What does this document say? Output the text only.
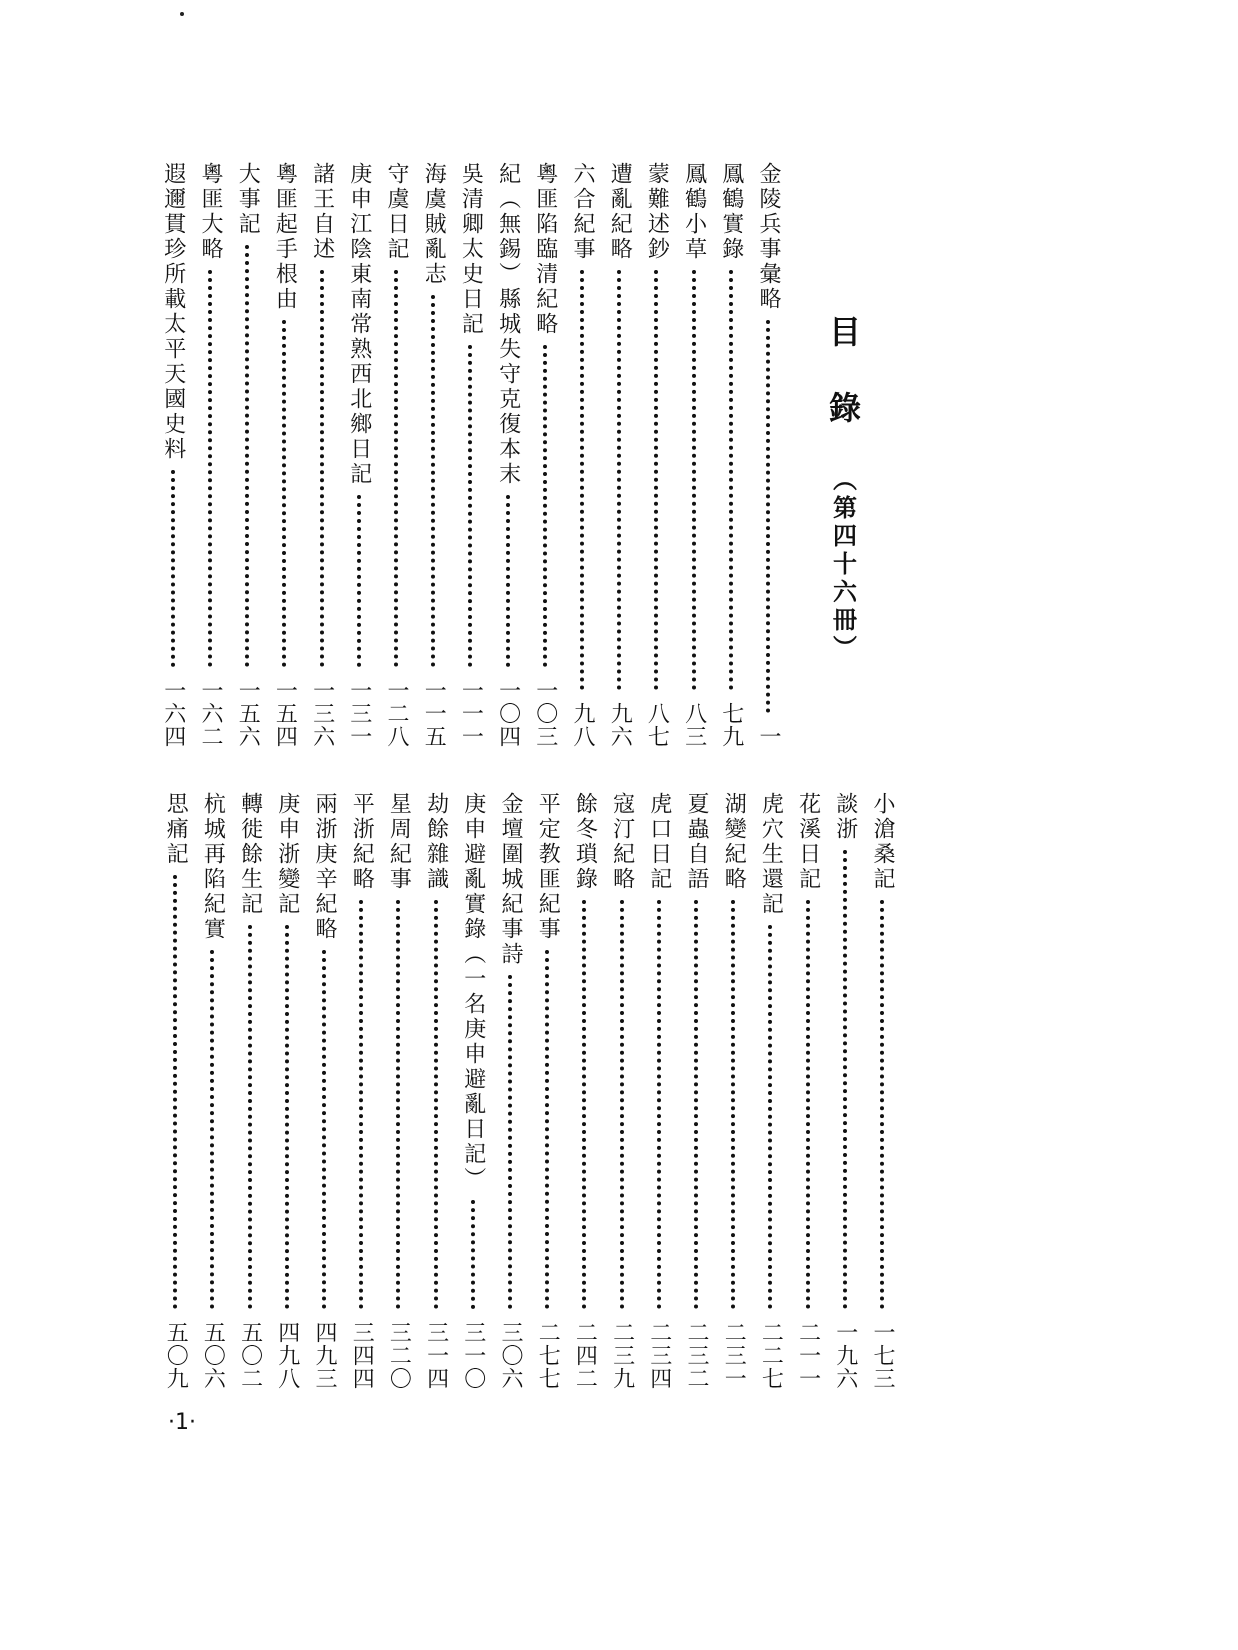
目錄
（第四十六冊）
金陵兵事彙略
一
鳳鶴實錄
七九
鳳鶴小草
八三
蒙難述鈔
八七
遭亂紀略
九六
六合紀事
九八
粵匪陷臨清紀略
一〇三
紀（無錫）縣城失守克復本末
一〇四
吳清卿太史日記
一一一
海虞賊亂志
一一五
守虞日記
一二八
庚申江陰東南常熟西北鄉日記
一三一
諸王自述
一三六
粵匪起手根由
一五四
大事記
一五六
粵匪大略
一六二
遐邇貫珍所載太平天國史料
一六四
小滄桑記
一七三
談浙
一九六
花溪日記
二一一
虎穴生還記
二二七
湖變紀略
二三一
夏蟲自語
二三二
虎口日記
二三四
寇汀紀略
二三九
餘冬瑣錄
二四二
平定教匪紀事
二七七
金壇圍城紀事詩
三〇六
庚申避亂實錄（一名庚申避亂日記）
三一〇
劫餘雜識
三一四
星周紀事
三二〇
平浙紀略
三四四
兩浙庚辛紀略
四九三
庚申浙變記
四九八
轉徙餘生記
五〇二
杭城再陷紀實
五〇六
思痛記
五〇九
·1·
